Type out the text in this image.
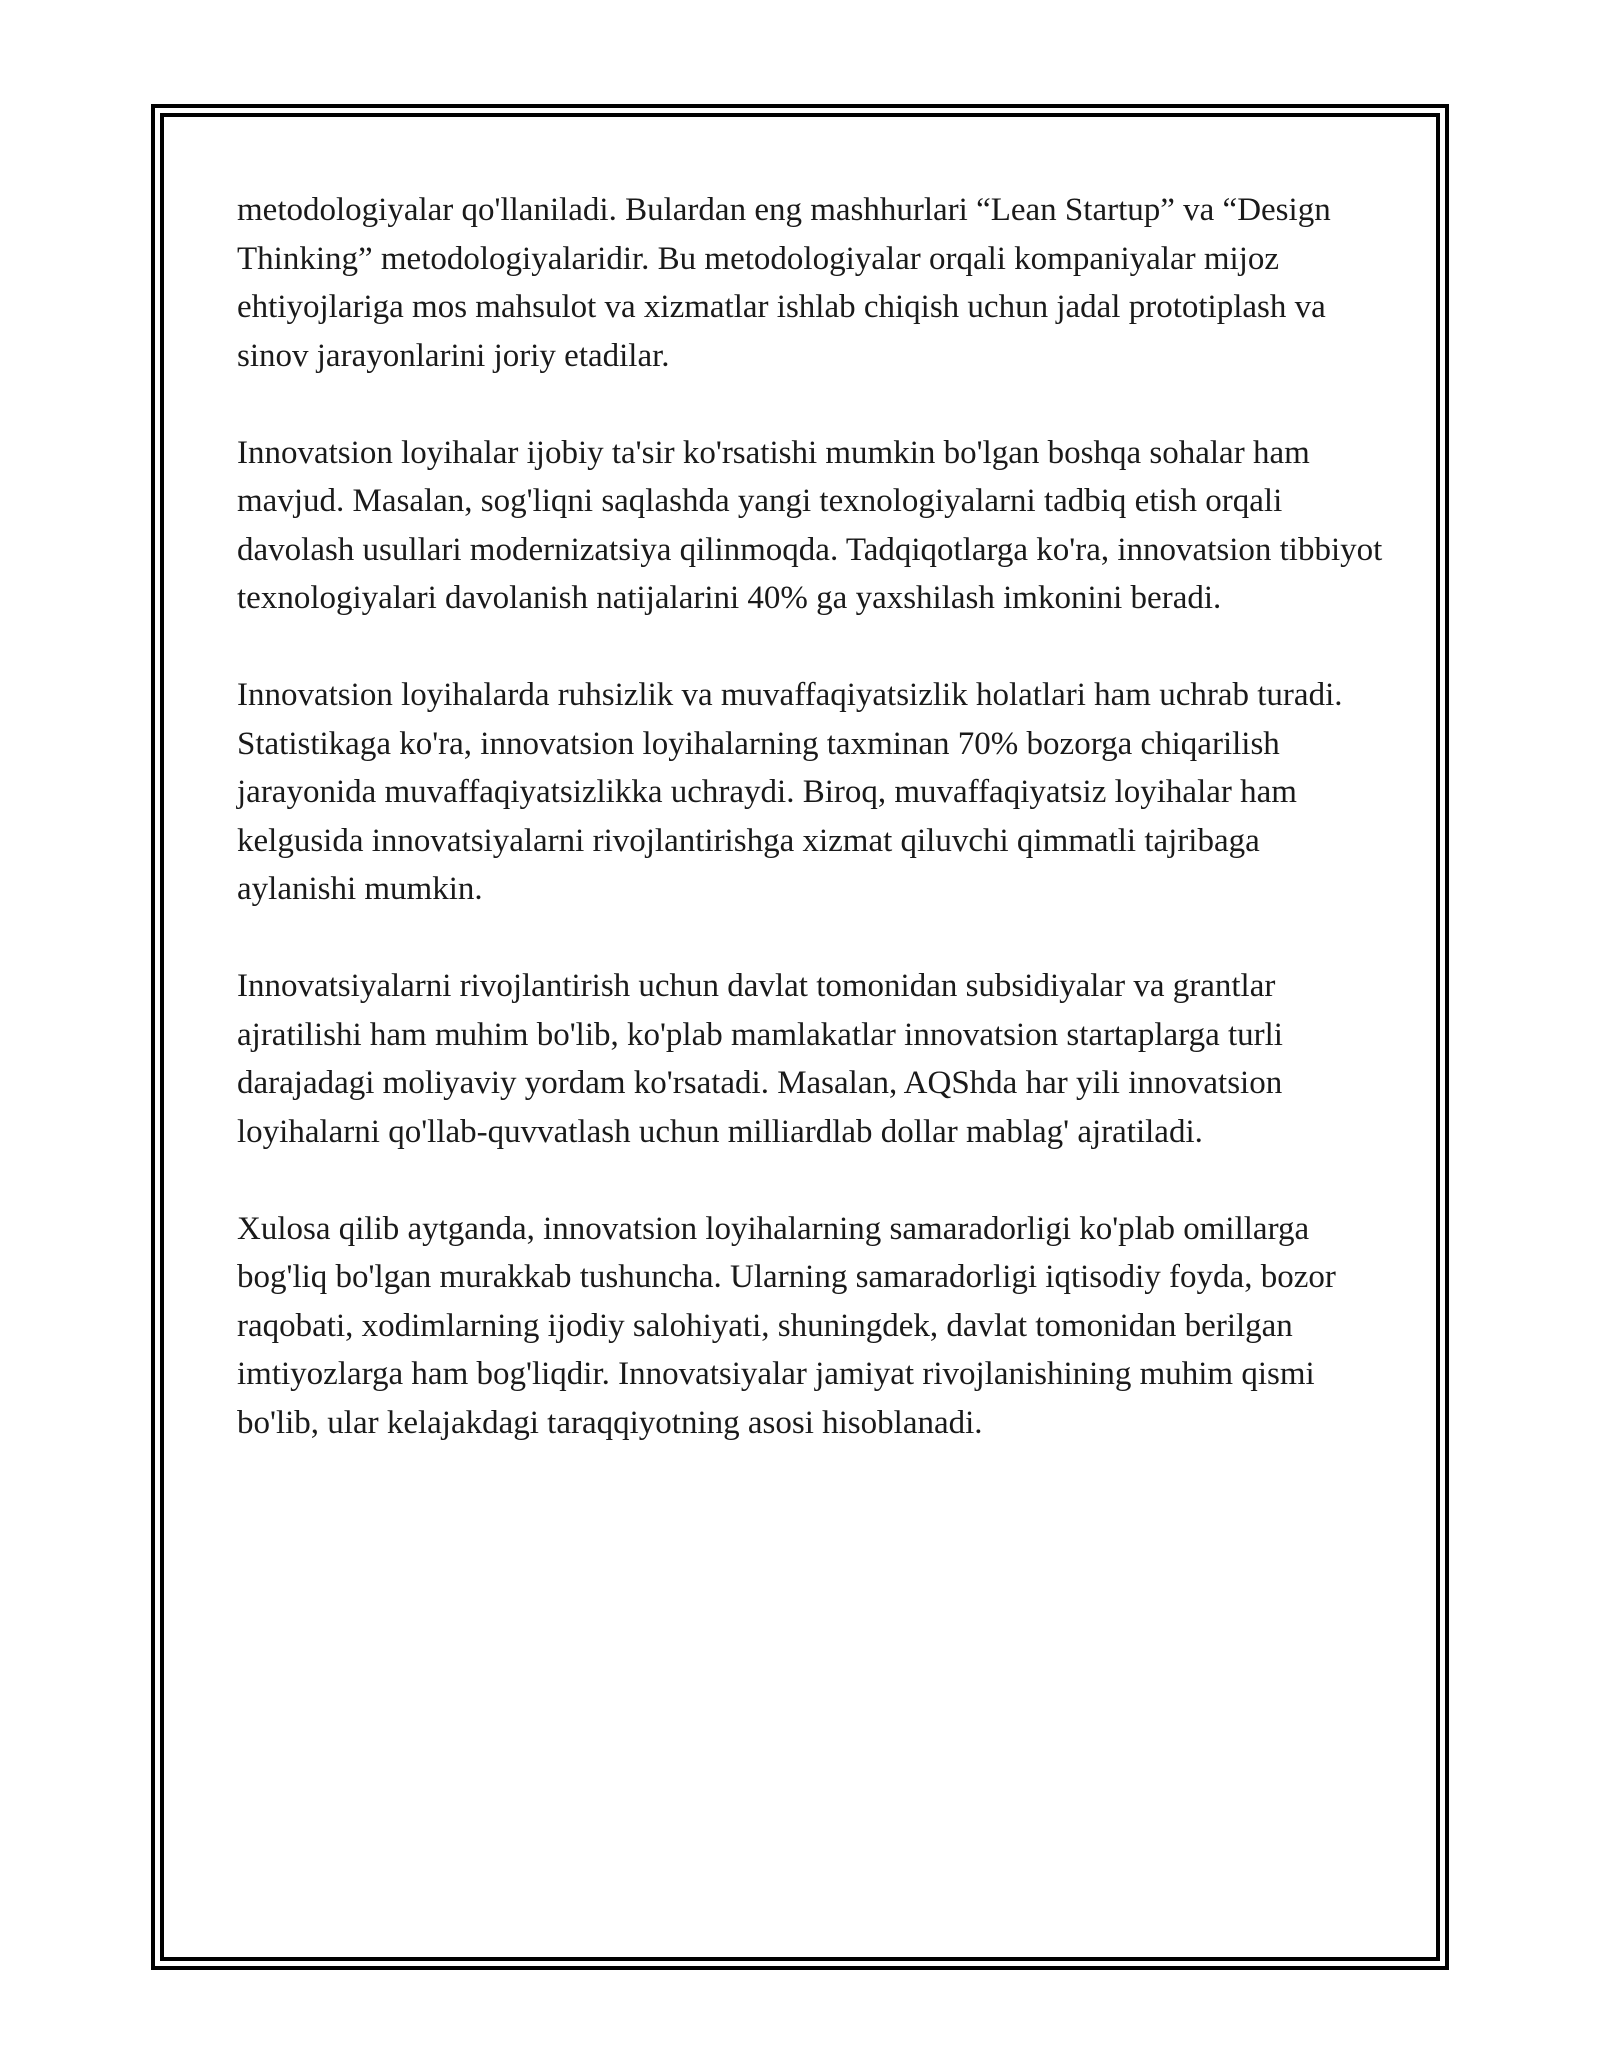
metodologiyalar qo'llaniladi. Bulardan eng mashhurlari “Lean Startup” va “Design Thinking” metodologiyalaridir. Bu metodologiyalar orqali kompaniyalar mijoz ehtiyojlariga mos mahsulot va xizmatlar ishlab chiqish uchun jadal prototiplash va sinov jarayonlarini joriy etadilar.

Innovatsion loyihalar ijobiy ta'sir ko'rsatishi mumkin bo'lgan boshqa sohalar ham mavjud. Masalan, sog'liqni saqlashda yangi texnologiyalarni tadbiq etish orqali davolash usullari modernizatsiya qilinmoqda. Tadqiqotlarga ko'ra, innovatsion tibbiyot texnologiyalari davolanish natijalarini 40% ga yaxshilash imkonini beradi.

Innovatsion loyihalarda ruhsizlik va muvaffaqiyatsizlik holatlari ham uchrab turadi. Statistikaga ko'ra, innovatsion loyihalarning taxminan 70% bozorga chiqarilish jarayonida muvaffaqiyatsizlikka uchraydi. Biroq, muvaffaqiyatsiz loyihalar ham kelgusida innovatsiyalarni rivojlantirishga xizmat qiluvchi qimmatli tajribaga aylanishi mumkin.

Innovatsiyalarni rivojlantirish uchun davlat tomonidan subsidiyalar va grantlar ajratilishi ham muhim bo'lib, ko'plab mamlakatlar innovatsion startaplarga turli darajadagi moliyaviy yordam ko'rsatadi. Masalan, AQShda har yili innovatsion loyihalarni qo'llab-quvvatlash uchun milliardlab dollar mablag' ajratiladi.

Xulosa qilib aytganda, innovatsion loyihalarning samaradorligi ko'plab omillarga bog'liq bo'lgan murakkab tushuncha. Ularning samaradorligi iqtisodiy foyda, bozor raqobati, xodimlarning ijodiy salohiyati, shuningdek, davlat tomonidan berilgan imtiyozlarga ham bog'liqdir. Innovatsiyalar jamiyat rivojlanishining muhim qismi bo'lib, ular kelajakdagi taraqqiyotning asosi hisoblanadi.
